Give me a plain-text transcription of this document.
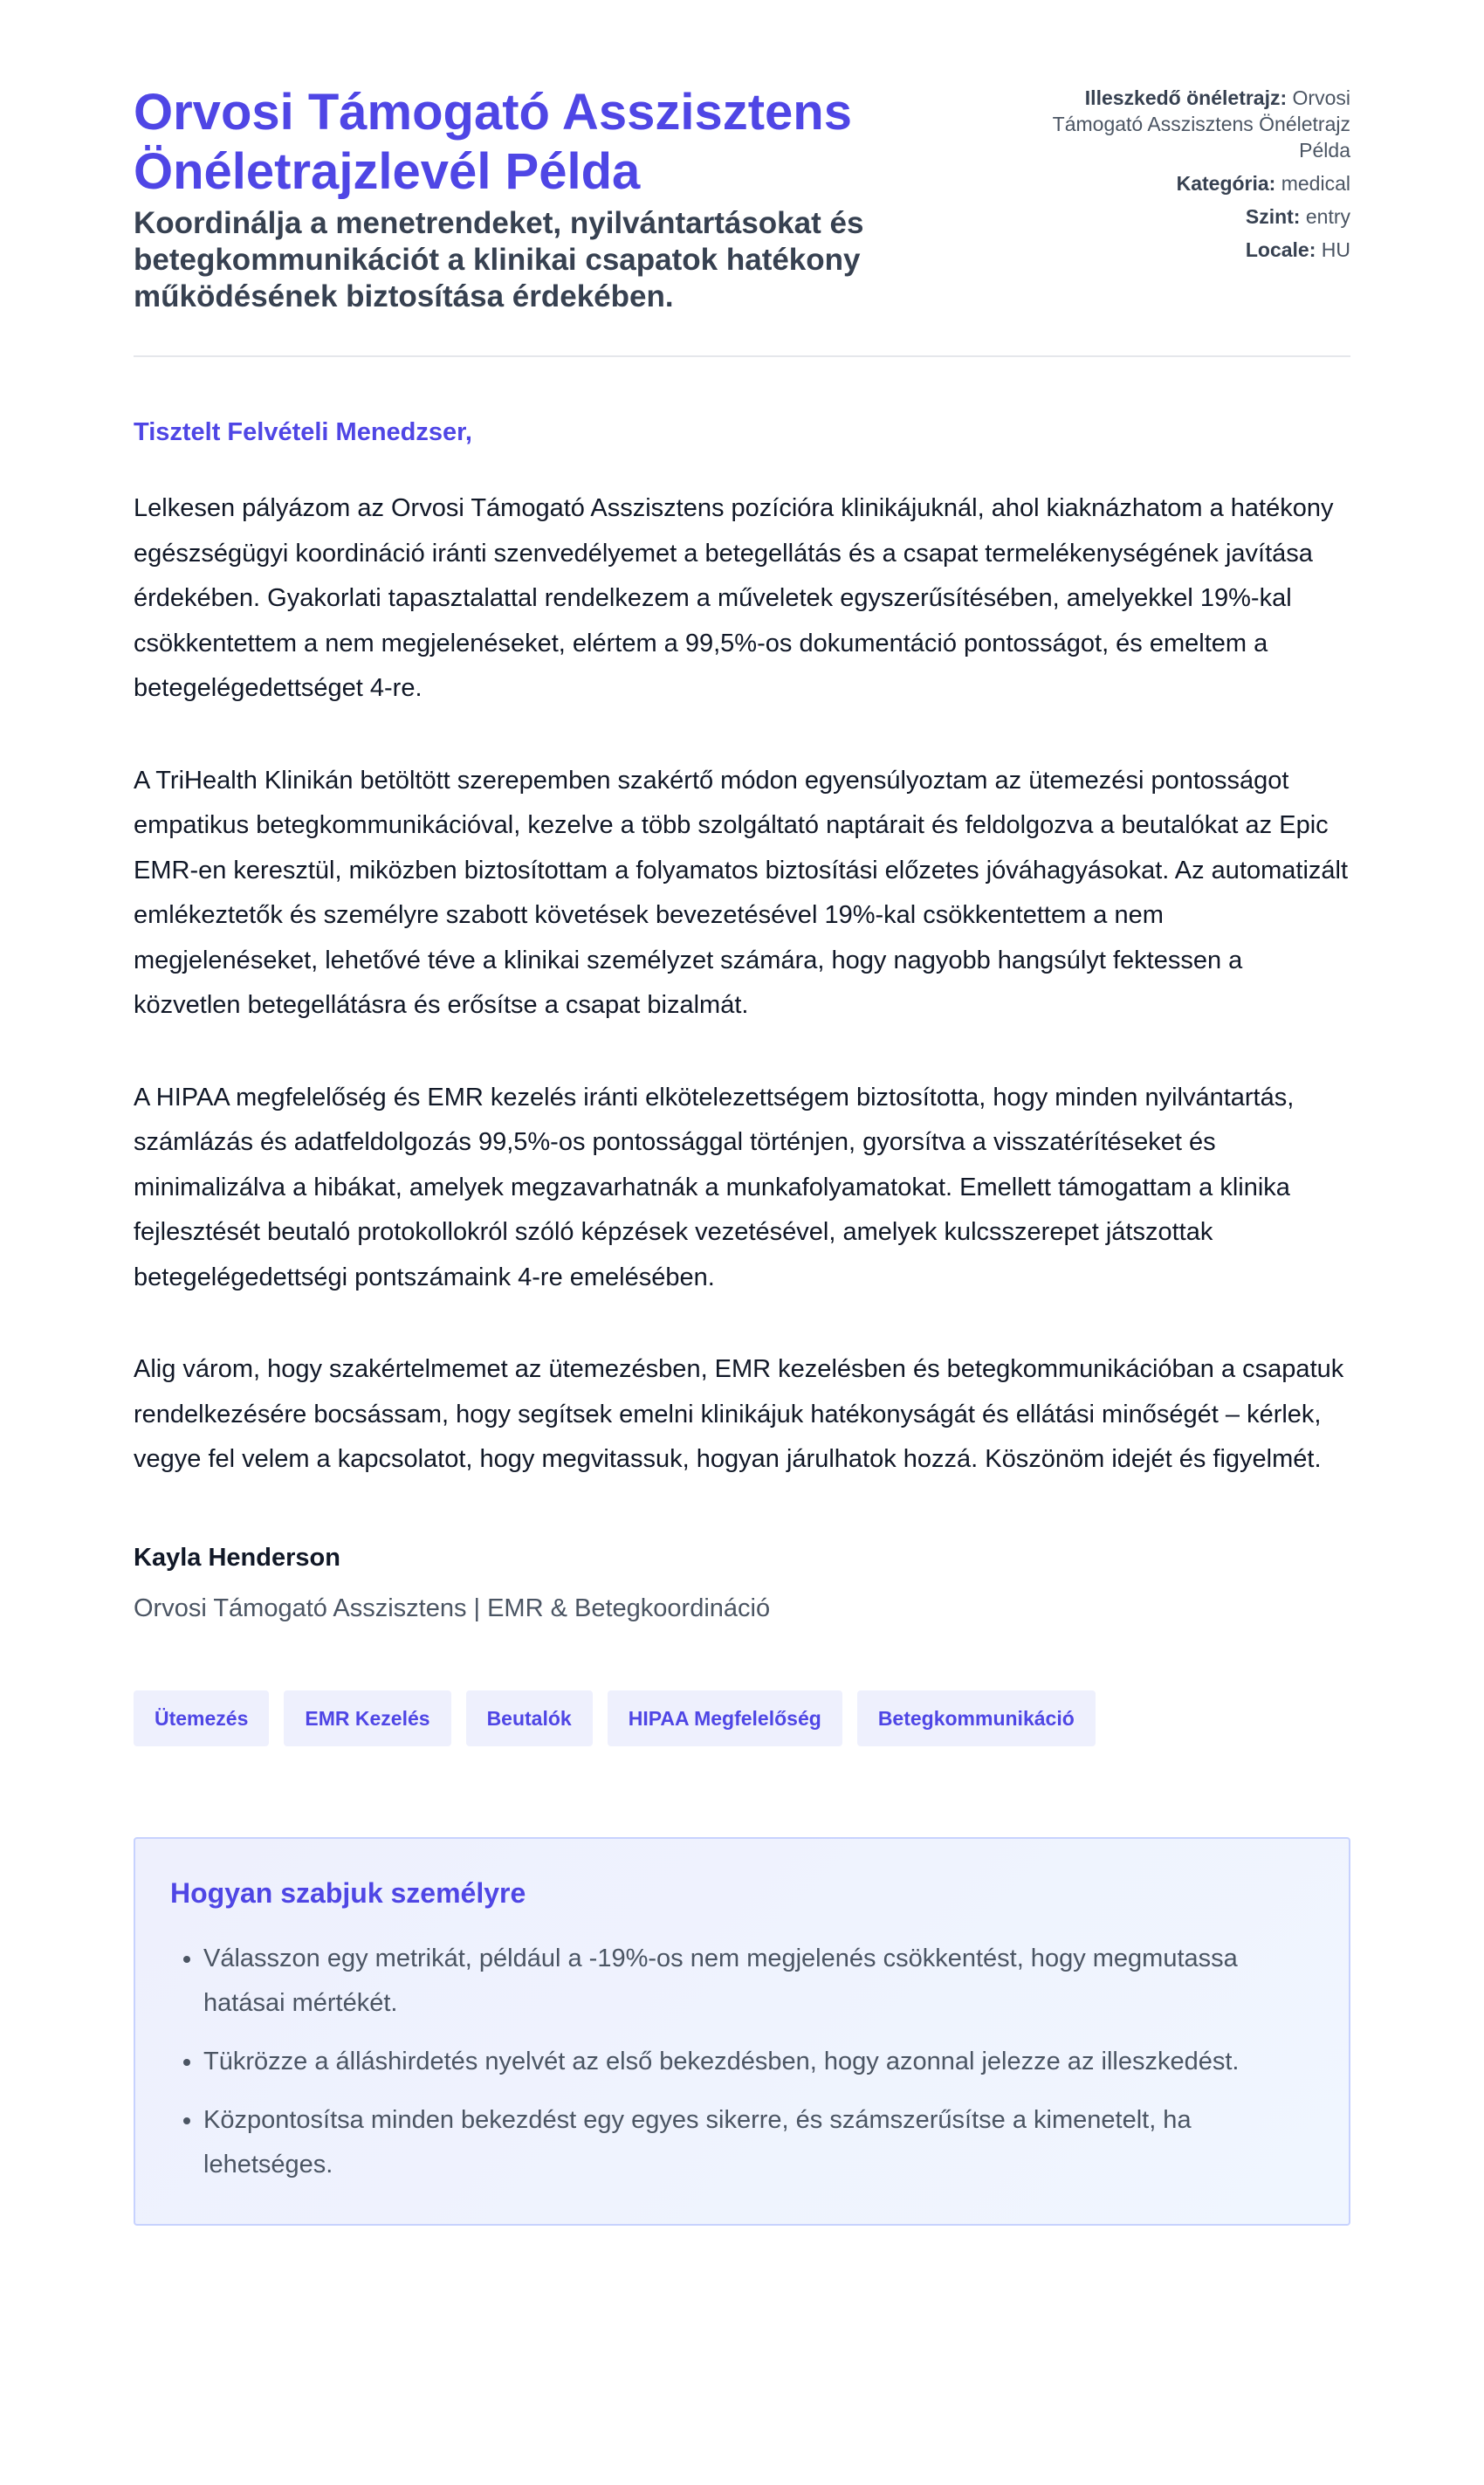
Orvosi Támogató Asszisztens Önéletrajzlevél Példa
Koordinálja a menetrendeket, nyilvántartásokat és betegkommunikációt a klinikai csapatok hatékony működésének biztosítása érdekében.
Illeszkedő önéletrajz: Orvosi Támogató Asszisztens Önéletrajz Példa
Kategória: medical
Szint: entry
Locale: HU

Tisztelt Felvételi Menedzser,

Lelkesen pályázom az Orvosi Támogató Asszisztens pozícióra klinikájuknál, ahol kiaknázhatom a hatékony egészségügyi koordináció iránti szenvedélyemet a betegellátás és a csapat termelékenységének javítása érdekében. Gyakorlati tapasztalattal rendelkezem a műveletek egyszerűsítésében, amelyekkel 19%-kal csökkentettem a nem megjelenéseket, elértem a 99,5%-os dokumentáció pontosságot, és emeltem a betegelégedettséget 4-re.

A TriHealth Klinikán betöltött szerepemben szakértő módon egyensúlyoztam az ütemezési pontosságot empatikus betegkommunikációval, kezelve a több szolgáltató naptárait és feldolgozva a beutalókat az Epic EMR-en keresztül, miközben biztosítottam a folyamatos biztosítási előzetes jóváhagyásokat. Az automatizált emlékeztetők és személyre szabott követések bevezetésével 19%-kal csökkentettem a nem megjelenéseket, lehetővé téve a klinikai személyzet számára, hogy nagyobb hangsúlyt fektessen a közvetlen betegellátásra és erősítse a csapat bizalmát.

A HIPAA megfelelőség és EMR kezelés iránti elkötelezettségem biztosította, hogy minden nyilvántartás, számlázás és adatfeldolgozás 99,5%-os pontossággal történjen, gyorsítva a visszatérítéseket és minimalizálva a hibákat, amelyek megzavarhatnák a munkafolyamatokat. Emellett támogattam a klinika fejlesztését beutaló protokollokról szóló képzések vezetésével, amelyek kulcsszerepet játszottak betegelégedettségi pontszámaink 4-re emelésében.

Alig várom, hogy szakértelmemet az ütemezésben, EMR kezelésben és betegkommunikációban a csapatuk rendelkezésére bocsássam, hogy segítsek emelni klinikájuk hatékonyságát és ellátási minőségét – kérlek, vegye fel velem a kapcsolatot, hogy megvitassuk, hogyan járulhatok hozzá. Köszönöm idejét és figyelmét.

Kayla Henderson
Orvosi Támogató Asszisztens | EMR & Betegkoordináció
Ütemezés	EMR Kezelés	Beutalók	HIPAA Megfelelőség	Betegkommunikáció
Hogyan szabjuk személyre
• Válasszon egy metrikát, például a -19%-os nem megjelenés csökkentést, hogy megmutassa hatásai mértékét.
• Tükrözze a álláshirdetés nyelvét az első bekezdésben, hogy azonnal jelezze az illeszkedést.
• Központosítsa minden bekezdést egy egyes sikerre, és számszerűsítse a kimenetelt, ha lehetséges.
